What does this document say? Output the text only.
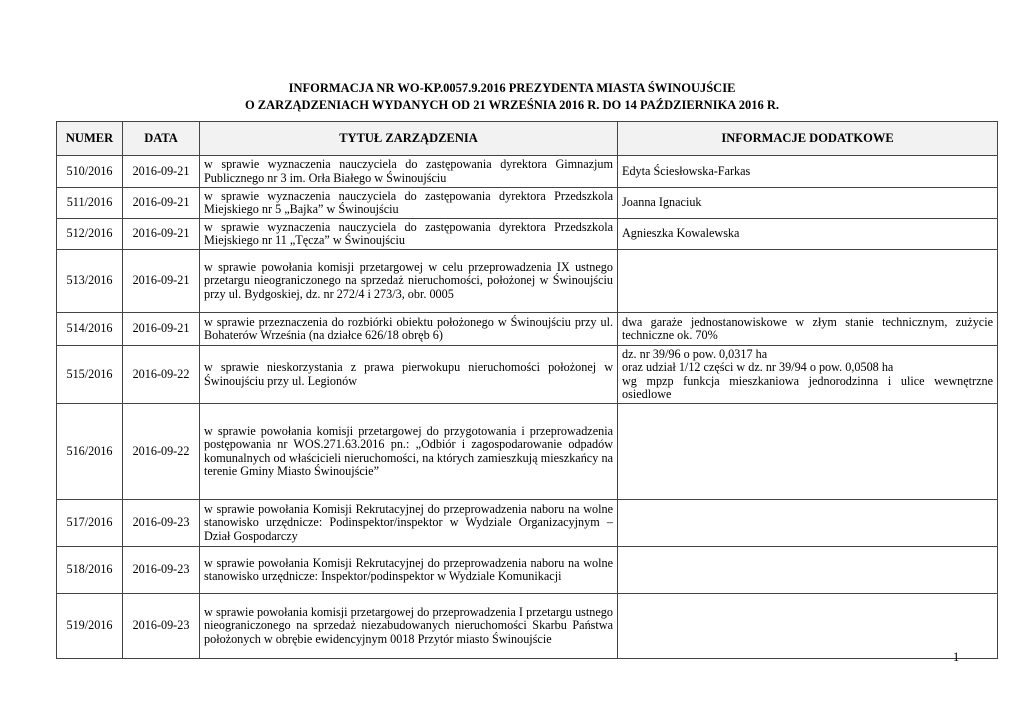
INFORMACJA NR WO-KP.0057.9.2016 PREZYDENTA MIASTA ŚWINOUJŚCIE
O ZARZĄDZENIACH WYDANYCH OD 21 WRZEŚNIA 2016 R. DO 14 PAŹDZIERNIKA 2016 R.
NUMER	DATA	TYTUŁ ZARZĄDZENIA	INFORMACJE DODATKOWE
510/2016	2016-09-21	w sprawie wyznaczenia nauczyciela do zastępowania dyrektora Gimnazjum Publicznego nr 3 im. Orła Białego w Świnoujściu	Edyta Ściesłowska-Farkas

511/2016	2016-09-21	w sprawie wyznaczenia nauczyciela do zastępowania dyrektora Przedszkola Miejskiego nr 5 „Bajka” w Świnoujściu	Joanna Ignaciuk

512/2016	2016-09-21	w sprawie wyznaczenia nauczyciela do zastępowania dyrektora Przedszkola Miejskiego nr 11 „Tęcza” w Świnoujściu	Agnieszka Kowalewska

513/2016	2016-09-21	w sprawie powołania komisji przetargowej w celu przeprowadzenia IX ustnego przetargu nieograniczonego na sprzedaż nieruchomości, położonej w Świnoujściu przy ul. Bydgoskiej, dz. nr 272/4 i 273/3, obr. 0005	
514/2016	2016-09-21	w sprawie przeznaczenia do rozbiórki obiektu położonego w Świnoujściu przy ul. Bohaterów Września (na działce 626/18 obręb 6)	dwa garaże jednostanowiskowe w złym stanie technicznym, zużycie techniczne ok. 70%

515/2016	2016-09-22	w sprawie nieskorzystania z prawa pierwokupu nieruchomości położonej w Świnoujściu przy ul. Legionów	dz. nr 39/96 o pow. 0,0317 ha
oraz udział 1/12 części w dz. nr 39/94 o pow. 0,0508 ha
wg mpzp funkcja mieszkaniowa jednorodzinna i ulice wewnętrzne osiedlowe

516/2016	2016-09-22	w sprawie powołania komisji przetargowej do przygotowania i przeprowadzenia postępowania nr WOS.271.63.2016 pn.: „Odbiór i zagospodarowanie odpadów komunalnych od właścicieli nieruchomości, na których zamieszkują mieszkańcy na terenie Gminy Miasto Świnoujście”	
517/2016	2016-09-23	w sprawie powołania Komisji Rekrutacyjnej do przeprowadzenia naboru na wolne stanowisko urzędnicze: Podinspektor/inspektor w Wydziale Organizacyjnym – Dział Gospodarczy	
518/2016	2016-09-23	w sprawie powołania Komisji Rekrutacyjnej do przeprowadzenia naboru na wolne stanowisko urzędnicze: Inspektor/podinspektor w Wydziale Komunikacji	
519/2016	2016-09-23	w sprawie powołania komisji przetargowej do przeprowadzenia I przetargu ustnego nieograniczonego na sprzedaż niezabudowanych nieruchomości Skarbu Państwa położonych w obrębie ewidencyjnym 0018 Przytór miasto Świnoujście	
1
